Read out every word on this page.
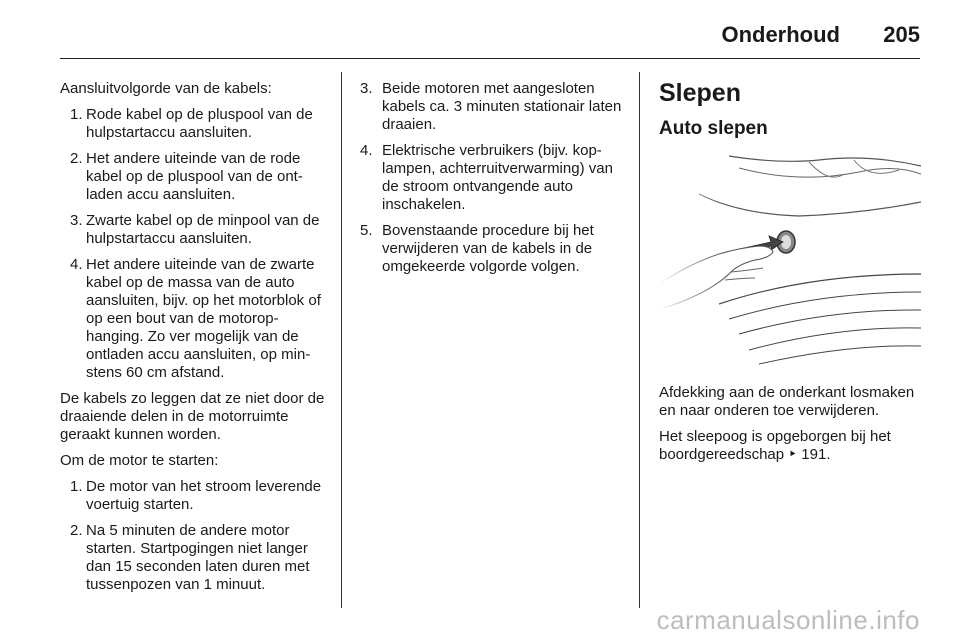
Onderhoud 205

Aansluitvolgorde van de kabels:

1. Rode kabel op de pluspool van de hulpstartaccu aansluiten.
2. Het andere uiteinde van de rode kabel op de pluspool van de ontladen accu aansluiten.
3. Zwarte kabel op de minpool van de hulpstartaccu aansluiten.
4. Het andere uiteinde van de zwarte kabel op de massa van de auto aansluiten, bijv. op het motorblok of op een bout van de motorophanging. Zo ver mogelijk van de ontladen accu aansluiten, op minstens 60 cm afstand.

De kabels zo leggen dat ze niet door de draaiende delen in de motorruimte geraakt kunnen worden.

Om de motor te starten:

1. De motor van het stroom leverende voertuig starten.
2. Na 5 minuten de andere motor starten. Startpogingen niet langer dan 15 seconden laten duren met tussenpozen van 1 minuut.
3. Beide motoren met aangesloten kabels ca. 3 minuten stationair laten draaien.
4. Elektrische verbruikers (bijv. koplampen, achterruitverwarming) van de stroom ontvangende auto inschakelen.
5. Bovenstaande procedure bij het verwijderen van de kabels in de omgekeerde volgorde volgen.
Slepen
Auto slepen

Afdekking aan de onderkant losmaken en naar onderen toe verwijderen.

Het sleepoog is opgeborgen bij het boordgereedschap ‣ 191.

carmanualsonline.info
